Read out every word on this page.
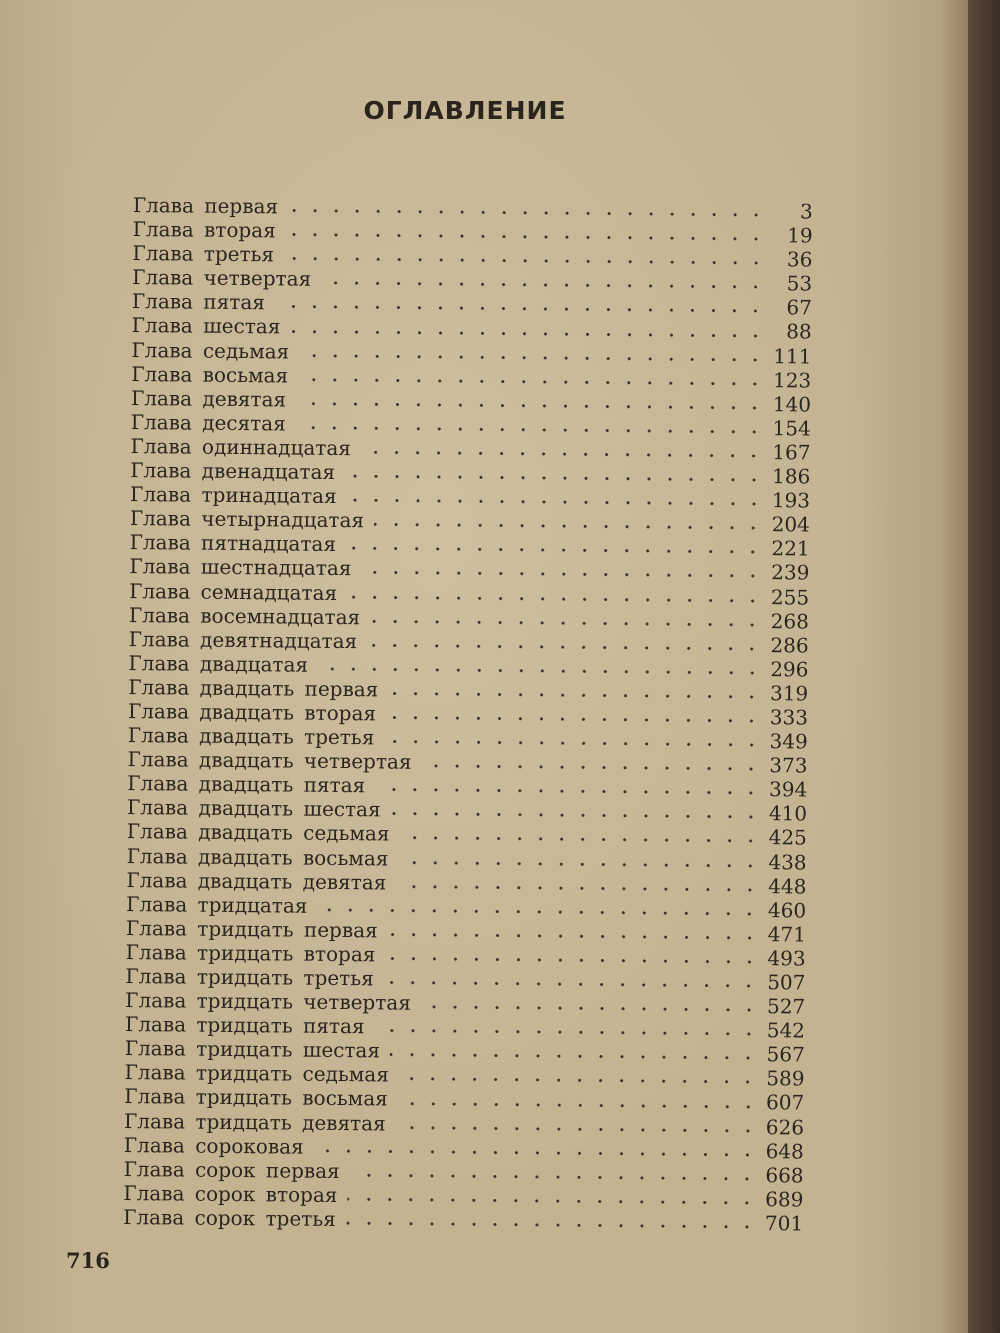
ОГЛАВЛЕНИЕ
Глава первая	3
Глава вторая	19
Глава третья	36
Глава четвертая	53
Глава пятая	67
Глава шестая	88
Глава седьмая	111
Глава восьмая	123
Глава девятая	140
Глава десятая	154
Глава одиннадцатая	167
Глава двенадцатая	186
Глава тринадцатая	193
Глава четырнадцатая	204
Глава пятнадцатая	221
Глава шестнадцатая	239
Глава семнадцатая	255
Глава восемнадцатая	268
Глава девятнадцатая	286
Глава двадцатая	296
Глава двадцать первая	319
Глава двадцать вторая	333
Глава двадцать третья	349
Глава двадцать четвертая	373
Глава двадцать пятая	394
Глава двадцать шестая	410
Глава двадцать седьмая	425
Глава двадцать восьмая	438
Глава двадцать девятая	448
Глава тридцатая	460
Глава тридцать первая	471
Глава тридцать вторая	493
Глава тридцать третья	507
Глава тридцать четвертая	527
Глава тридцать пятая	542
Глава тридцать шестая	567
Глава тридцать седьмая	589
Глава тридцать восьмая	607
Глава тридцать девятая	626
Глава сороковая	648
Глава сорок первая	668
Глава сорок вторая	689
Глава сорок третья	701
716
